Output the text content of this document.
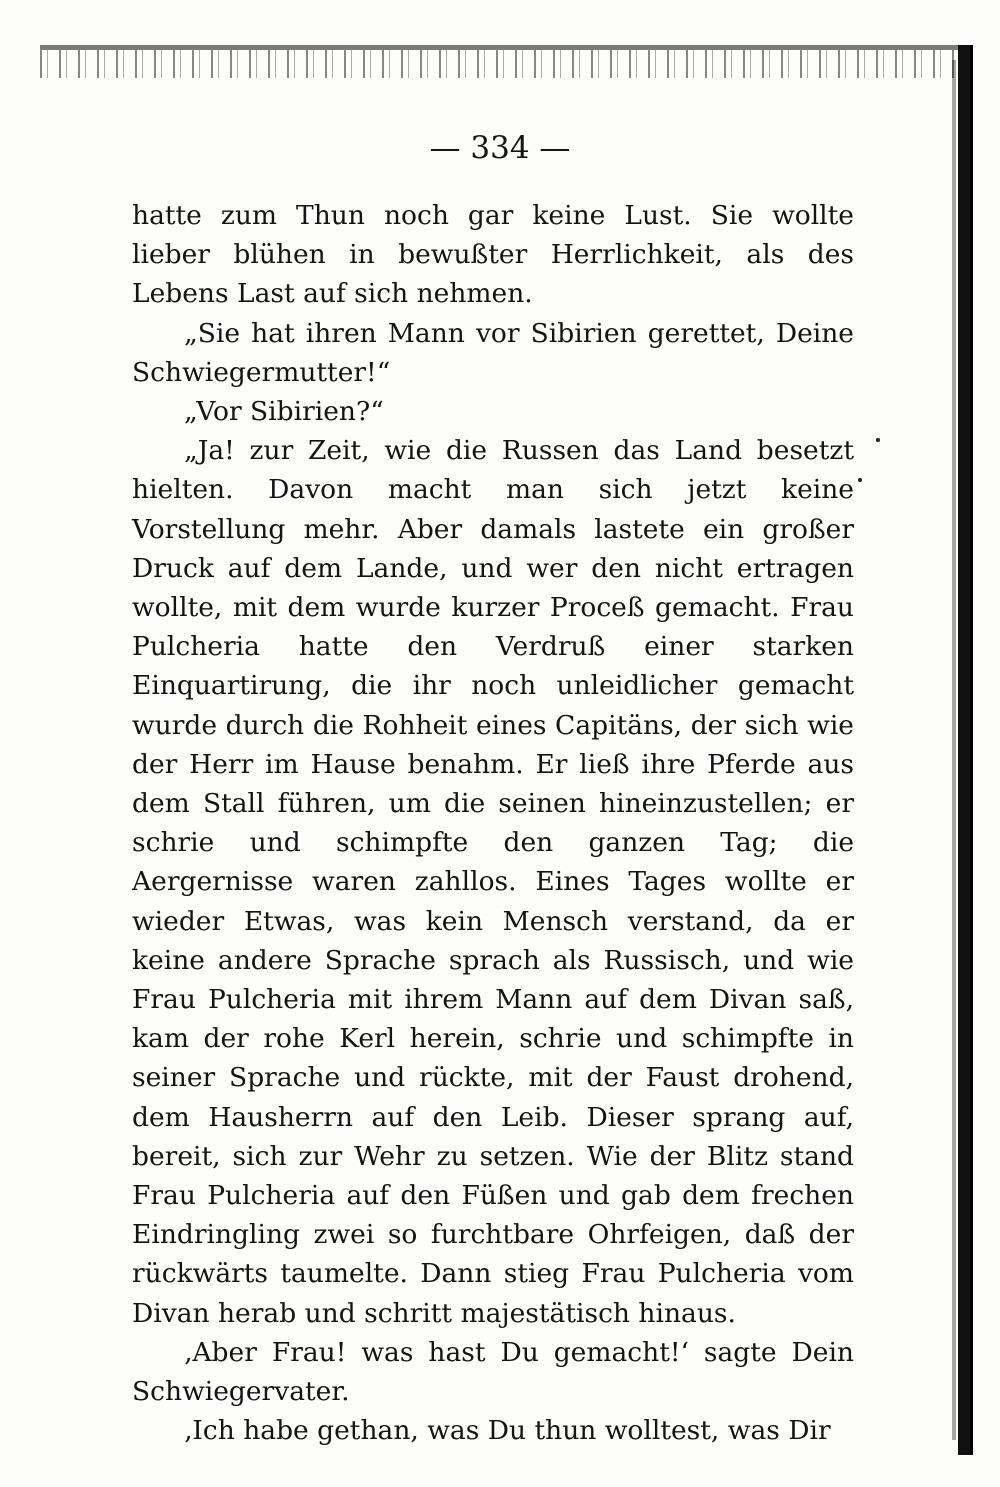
— 334 —

hatte zum Thun noch gar keine Lust. Sie wollte lieber blühen in bewußter Herrlichkeit, als des Lebens Last auf sich nehmen.

„Sie hat ihren Mann vor Sibirien gerettet, Deine Schwiegermutter!“

„Vor Sibirien?“

„Ja! zur Zeit, wie die Russen das Land besetzt hielten. Davon macht man sich jetzt keine Vorstellung mehr. Aber damals lastete ein großer Druck auf dem Lande, und wer den nicht ertragen wollte, mit dem wurde kurzer Proceß gemacht. Frau Pulcheria hatte den Verdruß einer starken Einquartirung, die ihr noch unleidlicher gemacht wurde durch die Rohheit eines Capitäns, der sich wie der Herr im Hause benahm. Er ließ ihre Pferde aus dem Stall führen, um die seinen hineinzustellen; er schrie und schimpfte den ganzen Tag; die Aergernisse waren zahllos. Eines Tages wollte er wieder Etwas, was kein Mensch verstand, da er keine andere Sprache sprach als Russisch, und wie Frau Pulcheria mit ihrem Mann auf dem Divan saß, kam der rohe Kerl herein, schrie und schimpfte in seiner Sprache und rückte, mit der Faust drohend, dem Hausherrn auf den Leib. Dieser sprang auf, bereit, sich zur Wehr zu setzen. Wie der Blitz stand Frau Pulcheria auf den Füßen und gab dem frechen Eindringling zwei so furchtbare Ohrfeigen, daß der rückwärts taumelte. Dann stieg Frau Pulcheria vom Divan herab und schritt majestätisch hinaus.

‚Aber Frau! was hast Du gemacht!‘ sagte Dein Schwiegervater.

‚Ich habe gethan, was Du thun wolltest, was Dir
